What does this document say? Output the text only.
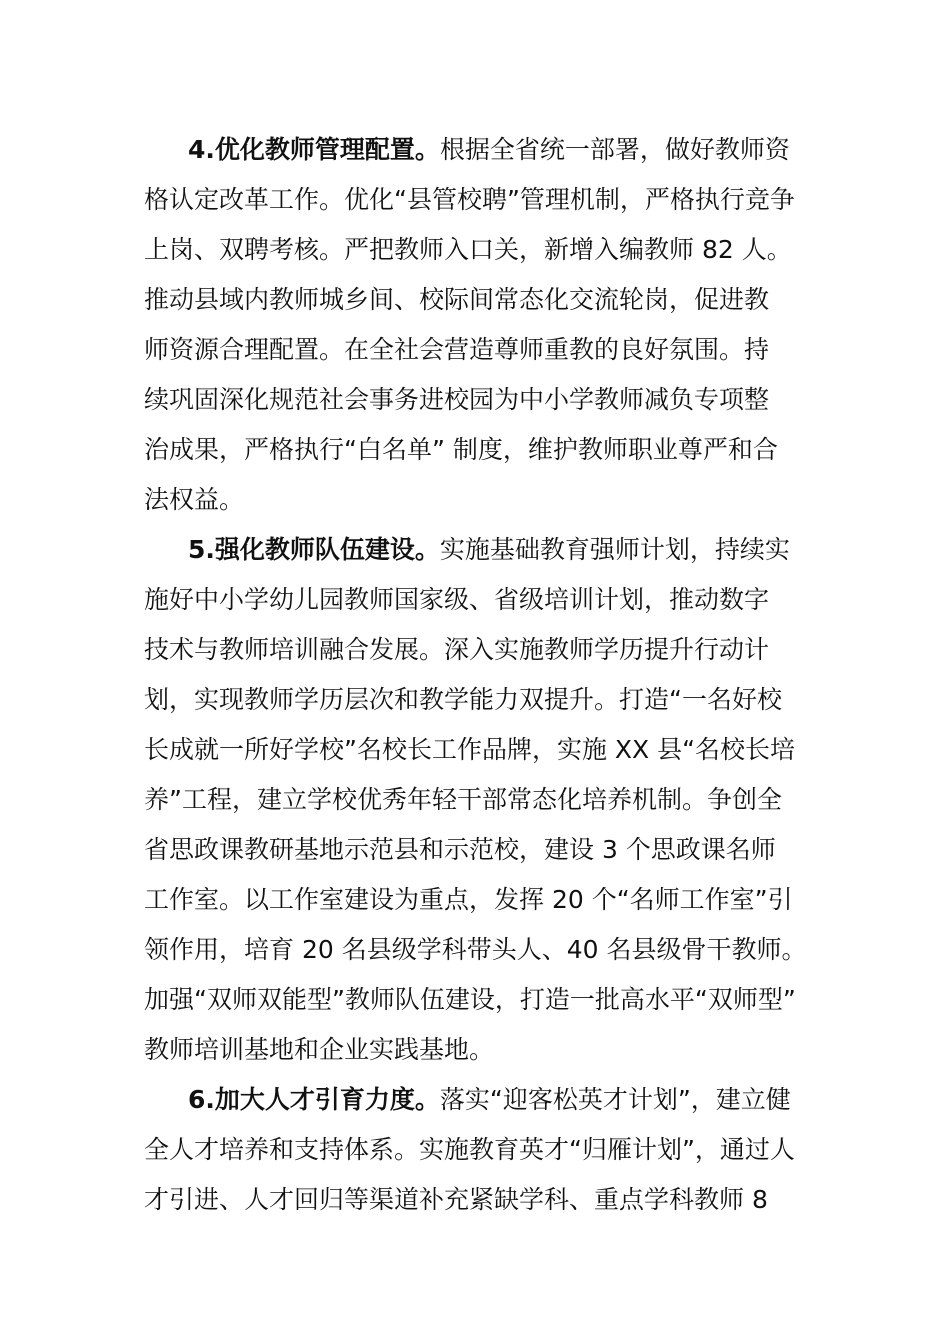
4.优化教师管理配置。根据全省统一部署，做好教师资
格认定改革工作。优化“县管校聘”管理机制，严格执行竞争
上岗、双聘考核。严把教师入口关，新增入编教师 82 人。
推动县域内教师城乡间、校际间常态化交流轮岗，促进教
师资源合理配置。在全社会营造尊师重教的良好氛围。持
续巩固深化规范社会事务进校园为中小学教师减负专项整
治成果，严格执行“白名单” 制度，维护教师职业尊严和合
法权益。
5.强化教师队伍建设。实施基础教育强师计划，持续实
施好中小学幼儿园教师国家级、省级培训计划，推动数字
技术与教师培训融合发展。深入实施教师学历提升行动计
划，实现教师学历层次和教学能力双提升。打造“一名好校
长成就一所好学校”名校长工作品牌，实施 XX 县“名校长培
养”工程，建立学校优秀年轻干部常态化培养机制。争创全
省思政课教研基地示范县和示范校，建设 3 个思政课名师
工作室。以工作室建设为重点，发挥 20 个“名师工作室”引
领作用，培育 20 名县级学科带头人、40 名县级骨干教师。
加强“双师双能型”教师队伍建设，打造一批高水平“双师型”
教师培训基地和企业实践基地。
6.加大人才引育力度。落实“迎客松英才计划”，建立健
全人才培养和支持体系。实施教育英才“归雁计划”，通过人
才引进、人才回归等渠道补充紧缺学科、重点学科教师 8
